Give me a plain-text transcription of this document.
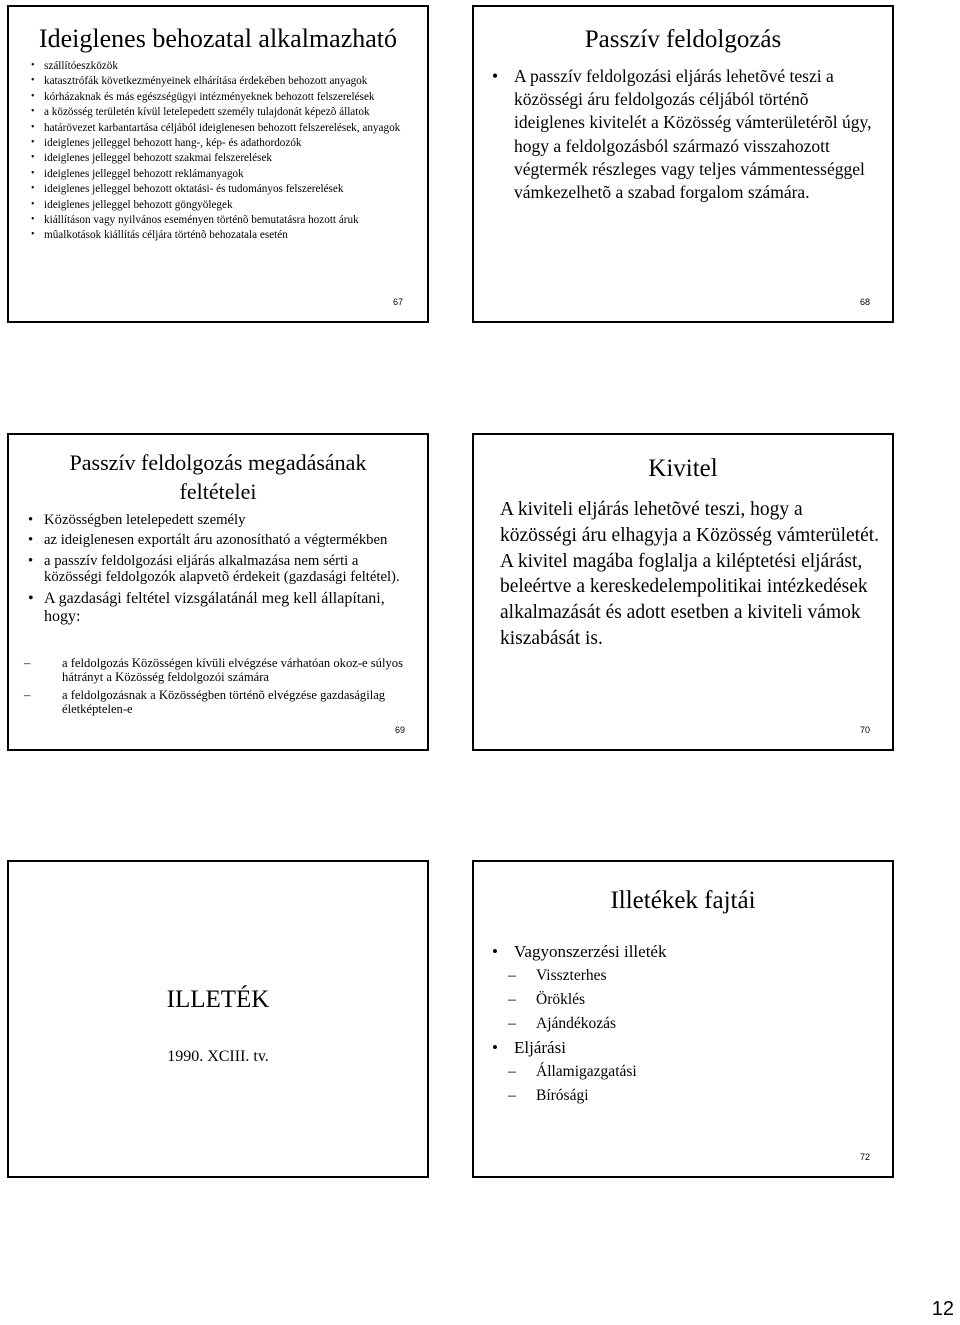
Ideiglenes behozatal alkalmazható
• szállítóeszközök
• katasztrófák következményeinek elhárítása érdekében behozott anyagok
• kórházaknak és más egészségügyi intézményeknek behozott felszerelések
• a közösség területén kívül letelepedett személy tulajdonát képezõ állatok
• határövezet karbantartása céljából ideiglenesen behozott felszerelések, anyagok
• ideiglenes jelleggel behozott hang-, kép- és adathordozók
• ideiglenes jelleggel behozott szakmai felszerelések
• ideiglenes jelleggel behozott reklámanyagok
• ideiglenes jelleggel behozott oktatási- és tudományos felszerelések
• ideiglenes jelleggel behozott göngyölegek
• kiállításon vagy nyilvános eseményen történõ bemutatásra hozott áruk
• mûalkotások kiállítás céljára történõ behozatala esetén
67
Passzív feldolgozás
• A passzív feldolgozási eljárás lehetõvé teszi a közösségi áru feldolgozás céljából történõ ideiglenes kivitelét a Közösség vámterületérõl úgy, hogy a feldolgozásból származó visszahozott végtermék részleges vagy teljes vámmentességgel vámkezelhetõ a szabad forgalom számára.
68
Passzív feldolgozás megadásának
feltételei
• Közösségben letelepedett személy
• az ideiglenesen exportált áru azonosítható a végtermékben
• a passzív feldolgozási eljárás alkalmazása nem sérti a közösségi feldolgozók alapvetõ érdekeit (gazdasági feltétel).
• A gazdasági feltétel vizsgálatánál meg kell állapítani, hogy:
– a feldolgozás Közösségen kívüli elvégzése várhatóan okoz-e súlyos hátrányt a Közösség feldolgozói számára
– a feldolgozásnak a Közösségben történõ elvégzése gazdaságilag életképtelen-e
69
Kivitel
A kiviteli eljárás lehetõvé teszi, hogy a közösségi áru elhagyja a Közösség vámterületét. A kivitel magába foglalja a kiléptetési eljárást, beleértve a kereskedelempolitikai intézkedések alkalmazását és adott esetben a kiviteli vámok kiszabását is.
70
ILLETÉK
1990. XCIII. tv.
Illetékek fajtái
• Vagyonszerzési illeték
– Visszterhes
– Öröklés
– Ajándékozás
• Eljárási
– Államigazgatási
– Bírósági
72
12
